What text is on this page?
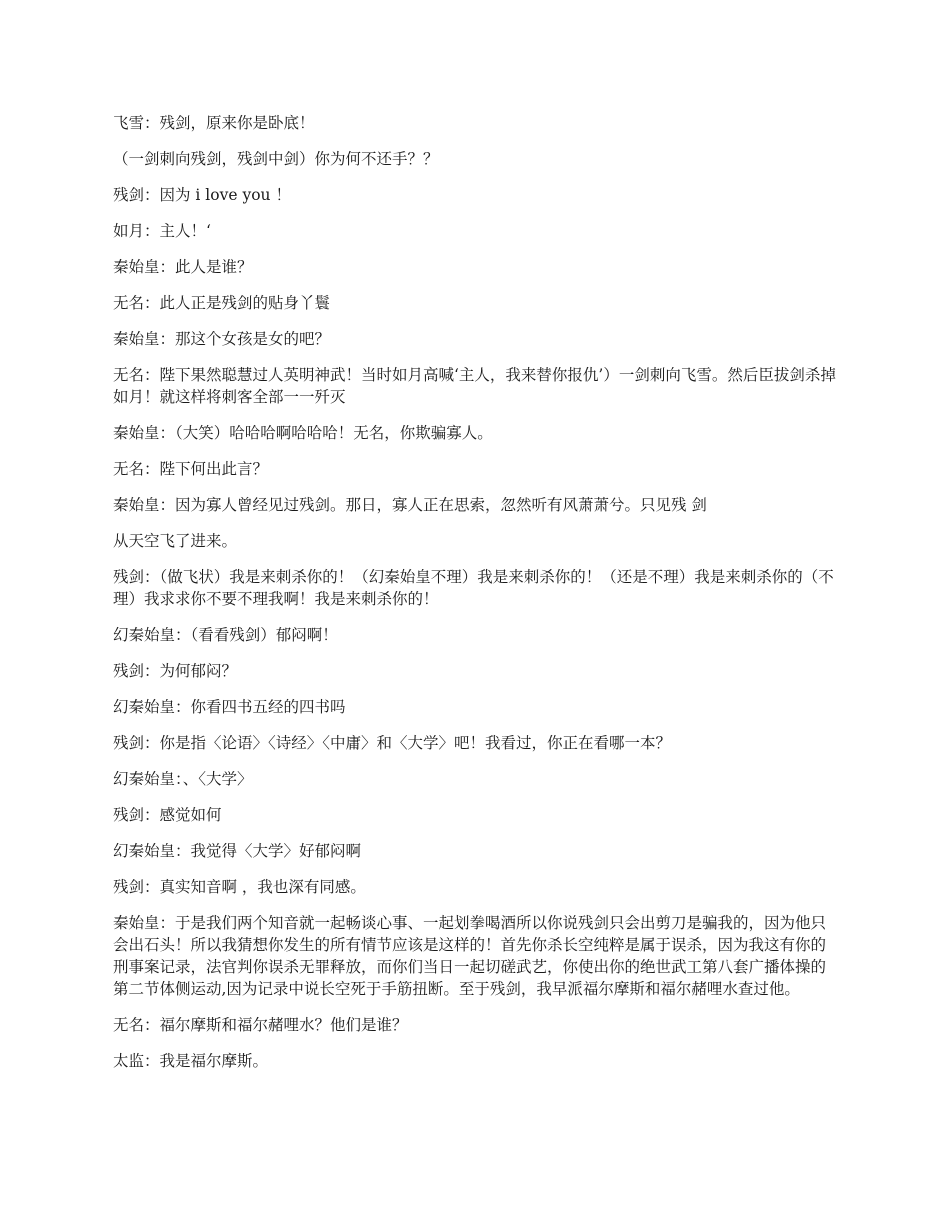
飞雪：残剑，原来你是卧底！

（一剑刺向残剑，残剑中剑）你为何不还手？？

残剑：因为 i love you ！

如月：主人！‘

秦始皇：此人是谁？

无名：此人正是残剑的贴身丫鬟

秦始皇：那这个女孩是女的吧？

无名：陛下果然聪慧过人英明神武！当时如月高喊‘主人，我来替你报仇’）一剑刺向飞雪。然后臣拔剑杀掉如月！就这样将刺客全部一一歼灭

秦始皇：（大笑）哈哈哈啊哈哈哈！无名，你欺骗寡人。

无名：陛下何出此言？

秦始皇：因为寡人曾经见过残剑。那日，寡人正在思索，忽然听有风萧萧兮。只见残 剑

从天空飞了进来。

残剑：（做飞状）我是来刺杀你的！（幻秦始皇不理）我是来刺杀你的！（还是不理）我是来刺杀你的（不理）我求求你不要不理我啊！我是来刺杀你的！

幻秦始皇：（看看残剑）郁闷啊！

残剑：为何郁闷？

幻秦始皇：你看四书五经的四书吗

残剑：你是指〈论语〉〈诗经〉〈中庸〉和〈大学〉吧！我看过，你正在看哪一本？

幻秦始皇：、〈大学〉

残剑：感觉如何

幻秦始皇：我觉得〈大学〉好郁闷啊

残剑：真实知音啊 ，我也深有同感。

秦始皇：于是我们两个知音就一起畅谈心事、一起划拳喝酒所以你说残剑只会出剪刀是骗我的，因为他只会出石头！所以我猜想你发生的所有情节应该是这样的！首先你杀长空纯粹是属于误杀，因为我这有你的刑事案记录，法官判你误杀无罪释放，而你们当日一起切磋武艺，你使出你的绝世武工第八套广播体操的第二节体侧运动,因为记录中说长空死于手筋扭断。至于残剑，我早派福尔摩斯和福尔赭哩水查过他。

无名：福尔摩斯和福尔赭哩水？他们是谁？

太监：我是福尔摩斯。
